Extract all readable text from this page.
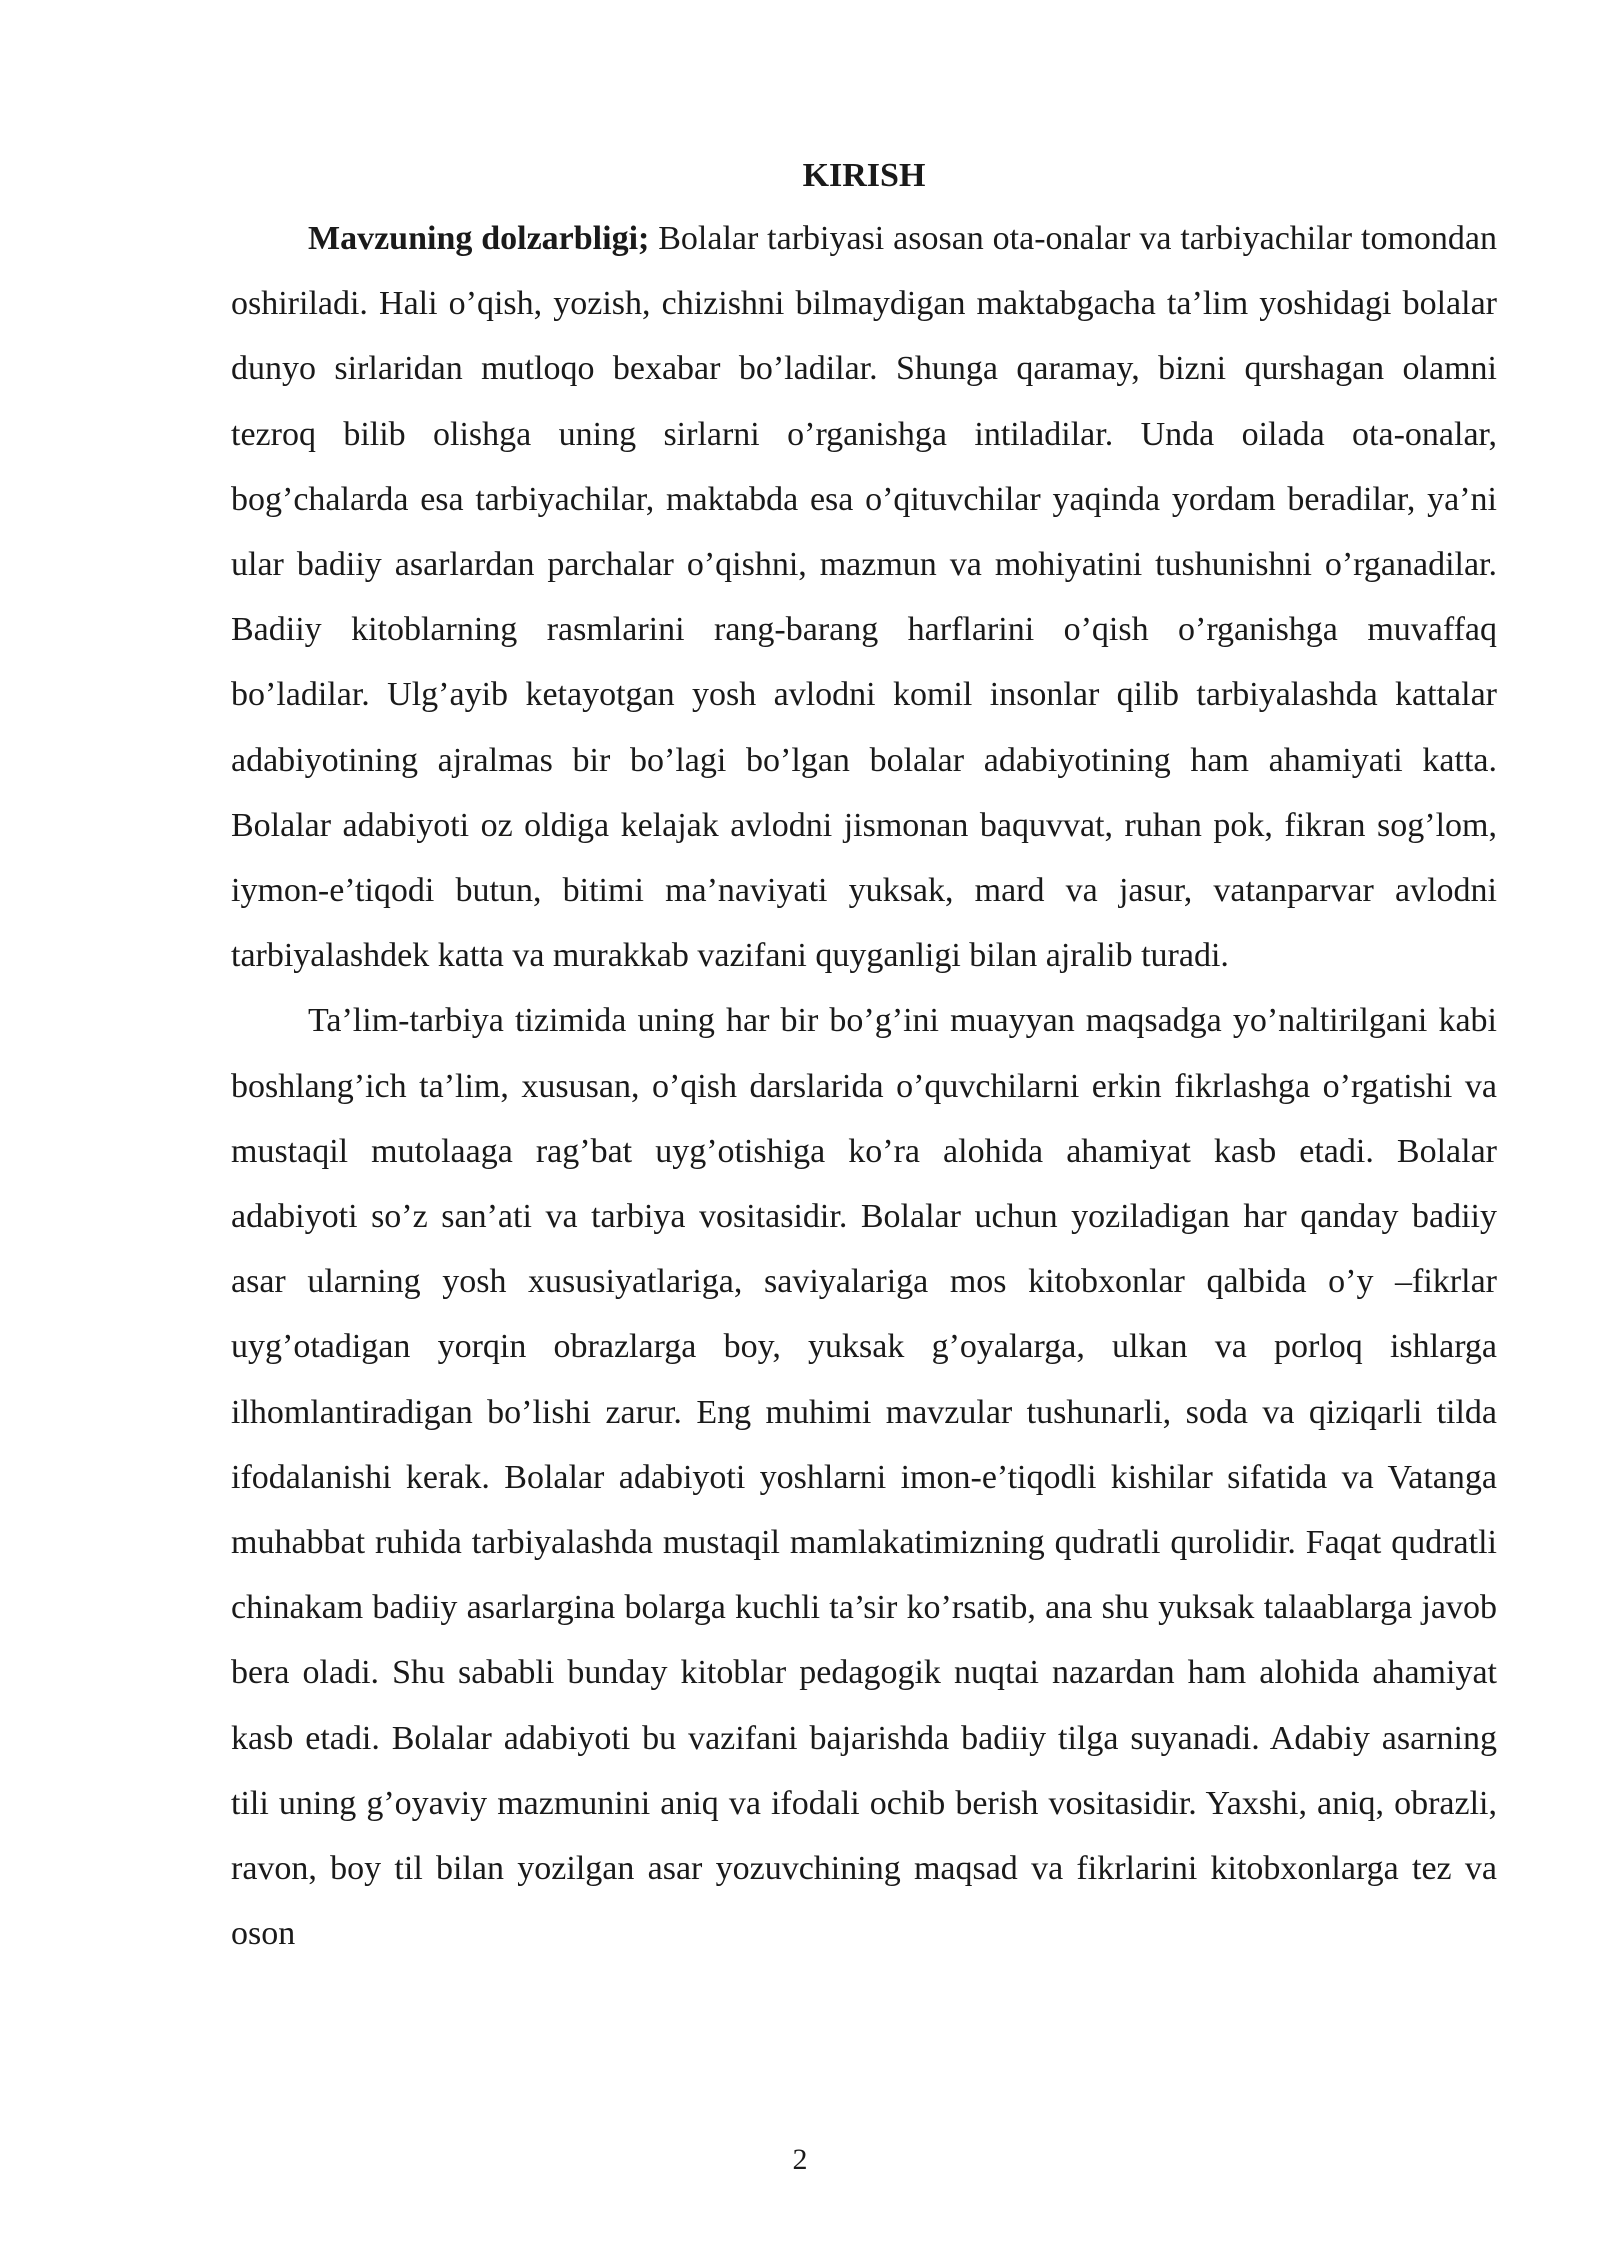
KIRISH

Mavzuning dolzarbligi; Bolalar tarbiyasi asosan ota-onalar va tarbiyachilar tomondan oshiriladi. Hali o’qish, yozish, chizishni bilmaydigan maktabgacha ta’lim yoshidagi bolalar dunyo sirlaridan mutloqo bexabar bo’ladilar. Shunga qaramay, bizni qurshagan olamni tezroq bilib olishga uning sirlarni o’rganishga intiladilar. Unda oilada ota-onalar, bog’chalarda esa tarbiyachilar, maktabda esa o’qituvchilar yaqinda yordam beradilar, ya’ni ular badiiy asarlardan parchalar o’qishni, mazmun va mohiyatini tushunishni o’rganadilar. Badiiy kitoblarning rasmlarini rang-barang harflarini o’qish o’rganishga muvaffaq bo’ladilar. Ulg’ayib ketayotgan yosh avlodni komil insonlar qilib tarbiyalashda kattalar adabiyotining ajralmas bir bo’lagi bo’lgan bolalar adabiyotining ham ahamiyati katta. Bolalar adabiyoti oz oldiga kelajak avlodni jismonan baquvvat, ruhan pok, fikran sog’lom, iymon-e’tiqodi butun, bitimi ma’naviyati yuksak, mard va jasur, vatanparvar avlodni tarbiyalashdek katta va murakkab vazifani quyganligi bilan ajralib turadi.

Ta’lim-tarbiya tizimida uning har bir bo’g’ini muayyan maqsadga yo’naltirilgani kabi boshlang’ich ta’lim, xususan, o’qish darslarida o’quvchilarni erkin fikrlashga o’rgatishi va mustaqil mutolaaga rag’bat uyg’otishiga ko’ra alohida ahamiyat kasb etadi. Bolalar adabiyoti so’z san’ati va tarbiya vositasidir. Bolalar uchun yoziladigan har qanday badiiy asar ularning yosh xususiyatlariga, saviyalariga mos kitobxonlar qalbida o’y –fikrlar uyg’otadigan yorqin obrazlarga boy, yuksak g’oyalarga, ulkan va porloq ishlarga ilhomlantiradigan bo’lishi zarur. Eng muhimi mavzular tushunarli, soda va qiziqarli tilda ifodalanishi kerak. Bolalar adabiyoti yoshlarni imon-e’tiqodli kishilar sifatida va Vatanga muhabbat ruhida tarbiyalashda mustaqil mamlakatimizning qudratli qurolidir. Faqat qudratli chinakam badiiy asarlargina bolarga kuchli ta’sir ko’rsatib, ana shu yuksak talaablarga javob bera oladi. Shu sababli bunday kitoblar pedagogik nuqtai nazardan ham alohida ahamiyat kasb etadi. Bolalar adabiyoti bu vazifani bajarishda badiiy tilga suyanadi. Adabiy asarning tili uning g’oyaviy mazmunini aniq va ifodali ochib berish vositasidir. Yaxshi, aniq, obrazli, ravon, boy til bilan yozilgan asar yozuvchining maqsad va fikrlarini kitobxonlarga tez va oson

2
